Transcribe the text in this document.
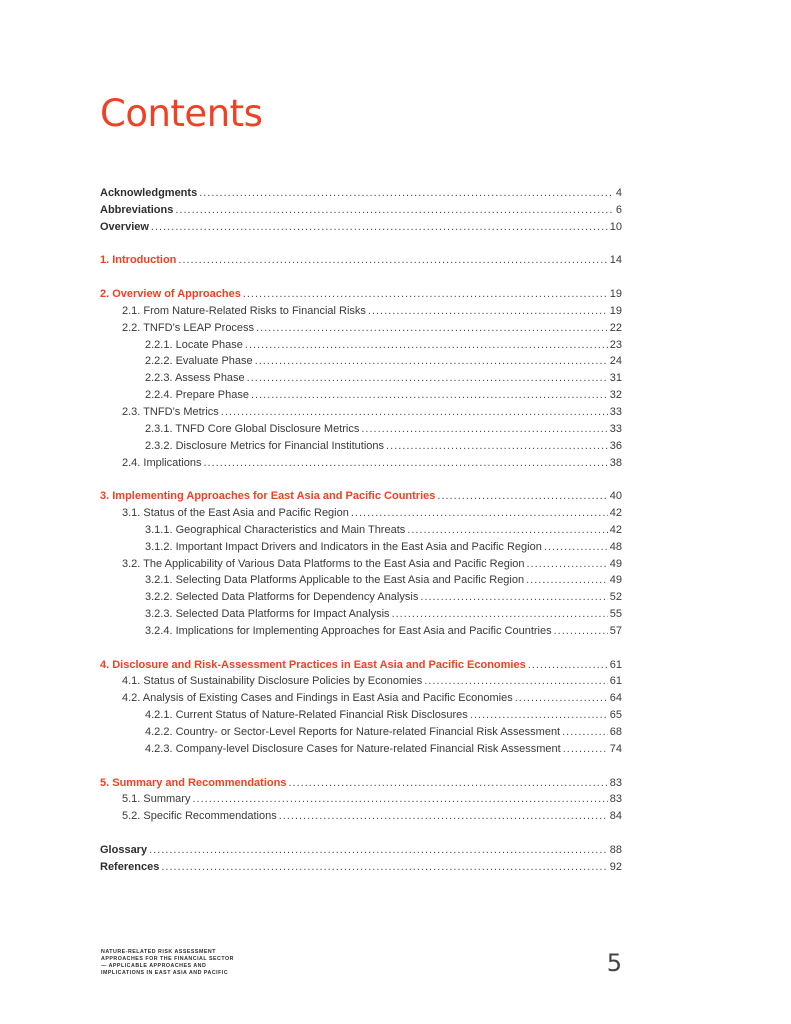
Contents
Acknowledgments .....	4
Abbreviations .....	6
Overview .....	10
1. Introduction .....	14
2. Overview of Approaches .....	19
2.1. From Nature-Related Risks to Financial Risks .....	19
2.2. TNFD’s LEAP Process .....	22
2.2.1. Locate Phase .....	23
2.2.2. Evaluate Phase .....	24
2.2.3. Assess Phase .....	31
2.2.4. Prepare Phase .....	32
2.3. TNFD’s Metrics .....	33
2.3.1. TNFD Core Global Disclosure Metrics .....	33
2.3.2. Disclosure Metrics for Financial Institutions .....	36
2.4. Implications .....	38
3. Implementing Approaches for East Asia and Pacific Countries .....	40
3.1. Status of the East Asia and Pacific Region .....	42
3.1.1. Geographical Characteristics and Main Threats .....	42
3.1.2. Important Impact Drivers and Indicators in the East Asia and Pacific Region .....	48
3.2. The Applicability of Various Data Platforms to the East Asia and Pacific Region .....	49
3.2.1. Selecting Data Platforms Applicable to the East Asia and Pacific Region .....	49
3.2.2. Selected Data Platforms for Dependency Analysis .....	52
3.2.3. Selected Data Platforms for Impact Analysis .....	55
3.2.4. Implications for Implementing Approaches for East Asia and Pacific Countries .....	57
4. Disclosure and Risk-Assessment Practices in East Asia and Pacific Economies .....	61
4.1. Status of Sustainability Disclosure Policies by Economies .....	61
4.2. Analysis of Existing Cases and Findings in East Asia and Pacific Economies .....	64
4.2.1. Current Status of Nature-Related Financial Risk Disclosures .....	65
4.2.2. Country- or Sector-Level Reports for Nature-related Financial Risk Assessment .....	68
4.2.3. Company-level Disclosure Cases for Nature-related Financial Risk Assessment .....	74
5. Summary and Recommendations .....	83
5.1. Summary .....	83
5.2. Specific Recommendations .....	84
Glossary .....	88
References .....	92
NATURE-RELATED RISK ASSESSMENT
APPROACHES FOR THE FINANCIAL SECTOR
— APPLICABLE APPROACHES AND
IMPLICATIONS IN EAST ASIA AND PACIFIC	5
